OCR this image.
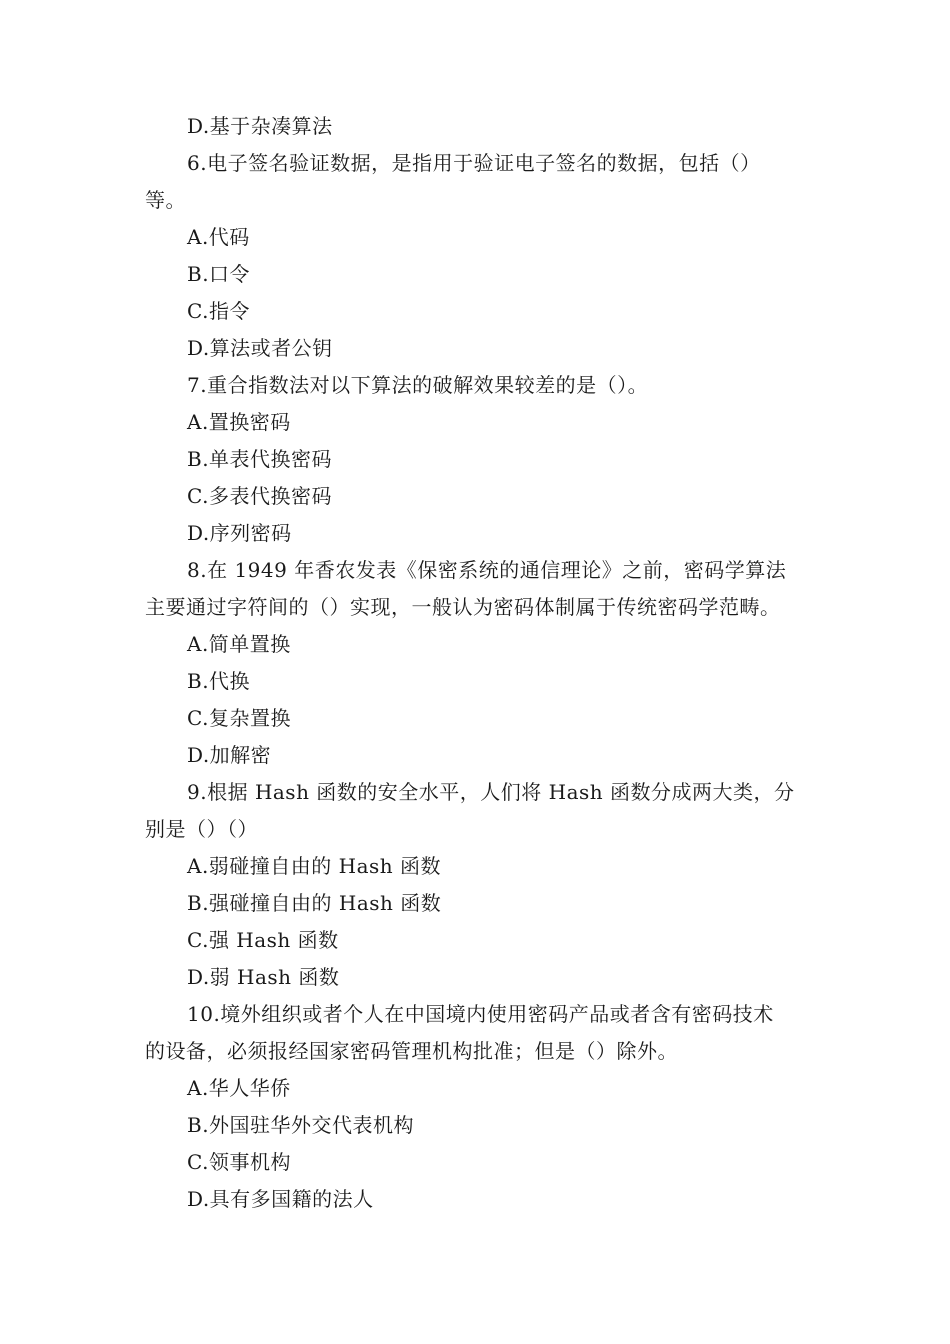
D.基于杂凑算法
6.电子签名验证数据，是指用于验证电子签名的数据，包括（）
等。
A.代码
B.口令
C.指令
D.算法或者公钥
7.重合指数法对以下算法的破解效果较差的是（）。
A.置换密码
B.单表代换密码
C.多表代换密码
D.序列密码
8.在 1949 年香农发表《保密系统的通信理论》之前，密码学算法
主要通过字符间的（）实现，一般认为密码体制属于传统密码学范畴。
A.简单置换
B.代换
C.复杂置换
D.加解密
9.根据 Hash 函数的安全水平，人们将 Hash 函数分成两大类，分
别是（）（）
A.弱碰撞自由的 Hash 函数
B.强碰撞自由的 Hash 函数
C.强 Hash 函数
D.弱 Hash 函数
10.境外组织或者个人在中国境内使用密码产品或者含有密码技术
的设备，必须报经国家密码管理机构批准；但是（）除外。
A.华人华侨
B.外国驻华外交代表机构
C.领事机构
D.具有多国籍的法人
